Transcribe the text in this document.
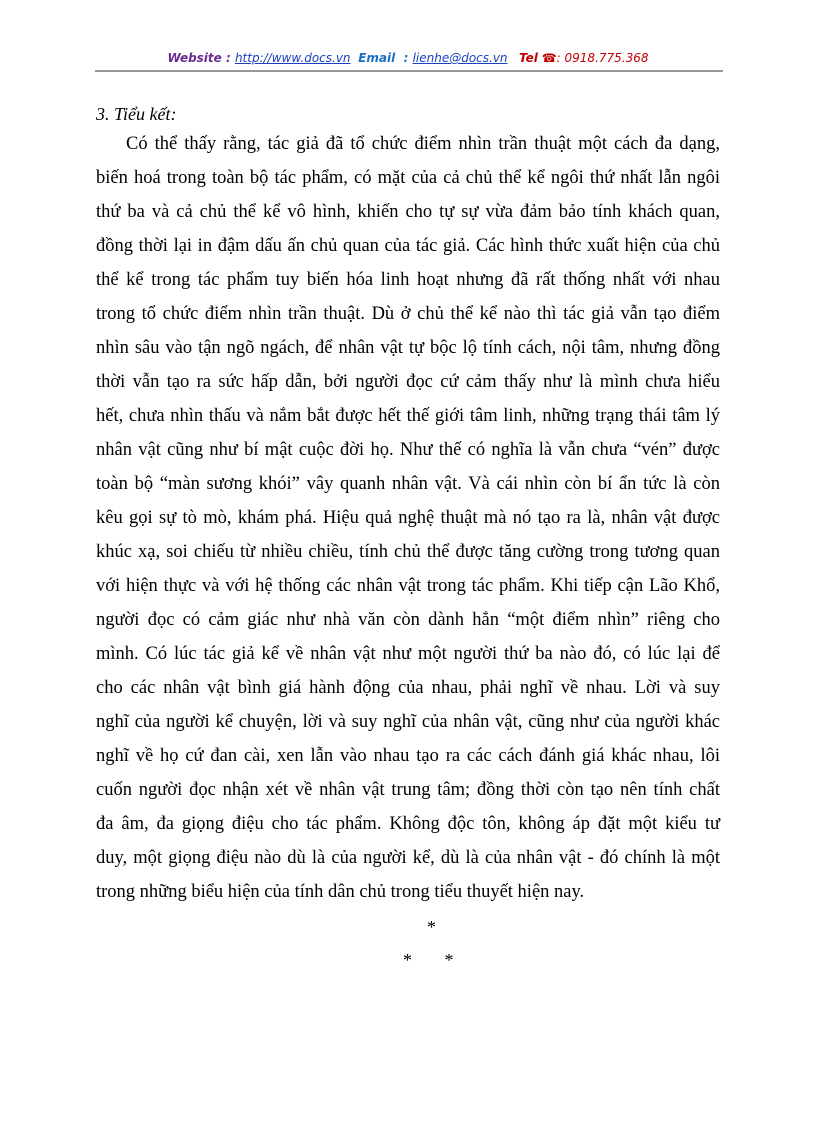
Website : http://www.docs.vn Email  : lienhe@docs.vn Tel ☎: 0918.775.368
3. Tiểu kết:
Có thể thấy rằng, tác giả đã tổ chức điểm nhìn trần thuật một cách đa dạng,
biến hoá trong toàn bộ tác phẩm, có mặt của cả chủ thể kể ngôi thứ nhất lẫn ngôi
thứ ba và cả chủ thể kể vô hình, khiến cho tự sự vừa đảm bảo tính khách quan,
đồng thời lại in đậm dấu ấn chủ quan của tác giả. Các hình thức xuất hiện của chủ
thể kể trong tác phẩm tuy biến hóa linh hoạt nhưng đã rất thống nhất với nhau
trong tổ chức điểm nhìn trần thuật. Dù ở chủ thể kể nào thì tác giả vẫn tạo điểm
nhìn sâu vào tận ngõ ngách, để nhân vật tự bộc lộ tính cách, nội tâm, nhưng đồng
thời vẫn tạo ra sức hấp dẫn, bởi người đọc cứ cảm thấy như là mình chưa hiểu
hết, chưa nhìn thấu và nắm bắt được hết thế giới tâm linh, những trạng thái tâm lý
nhân vật cũng như bí mật cuộc đời họ. Như thế có nghĩa là vẫn chưa “vén” được
toàn bộ “màn sương khói” vây quanh nhân vật. Và cái nhìn còn bí ẩn tức là còn
kêu gọi sự tò mò, khám phá. Hiệu quả nghệ thuật mà nó tạo ra là, nhân vật được
khúc xạ, soi chiếu từ nhiều chiều, tính chủ thể được tăng cường trong tương quan
với hiện thực và với hệ thống các nhân vật trong tác phẩm. Khi tiếp cận Lão Khổ,
người đọc có cảm giác như nhà văn còn dành hẳn “một điểm nhìn” riêng cho
mình. Có lúc tác giả kể về nhân vật như một người thứ ba nào đó, có lúc lại để
cho các nhân vật bình giá hành động của nhau, phải nghĩ về nhau. Lời và suy
nghĩ của người kể chuyện, lời và suy nghĩ của nhân vật, cũng như của người khác
nghĩ về họ cứ đan cài, xen lẫn vào nhau tạo ra các cách đánh giá khác nhau, lôi
cuốn người đọc nhận xét về nhân vật trung tâm; đồng thời còn tạo nên tính chất
đa âm, đa giọng điệu cho tác phẩm. Không độc tôn, không áp đặt một kiểu tư
duy, một giọng điệu nào dù là của người kể, dù là của nhân vật - đó chính là một
trong những biểu hiện của tính dân chủ trong tiểu thuyết hiện nay.
*
* *
